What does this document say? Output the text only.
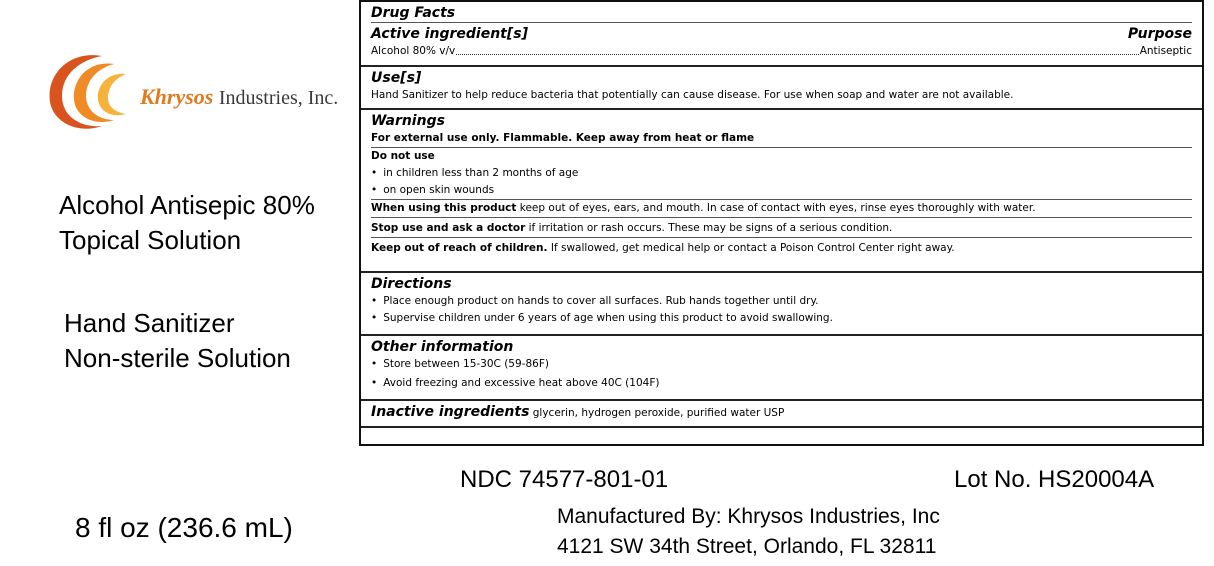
Khrysos Industries, Inc.
Alcohol Antisepic 80%
Topical Solution
Hand Sanitizer
Non-sterile Solution
8 fl oz (236.6 mL)
Drug Facts
Active ingredient[s]	Purpose
Alcohol 80% v/v	Antiseptic
Use[s]
Hand Sanitizer to help reduce bacteria that potentially can cause disease. For use when soap and water are not available.
Warnings
For external use only. Flammable. Keep away from heat or flame
Do not use
• in children less than 2 months of age
• on open skin wounds
When using this product keep out of eyes, ears, and mouth. In case of contact with eyes, rinse eyes thoroughly with water.
Stop use and ask a doctor if irritation or rash occurs. These may be signs of a serious condition.
Keep out of reach of children. If swallowed, get medical help or contact a Poison Control Center right away.
Directions
• Place enough product on hands to cover all surfaces. Rub hands together until dry.
• Supervise children under 6 years of age when using this product to avoid swallowing.
Other information
• Store between 15-30C (59-86F)
• Avoid freezing and excessive heat above 40C (104F)
Inactive ingredients glycerin, hydrogen peroxide, purified water USP
NDC 74577-801-01	Lot No. HS20004A
Manufactured By: Khrysos Industries, Inc
4121 SW 34th Street, Orlando, FL 32811
